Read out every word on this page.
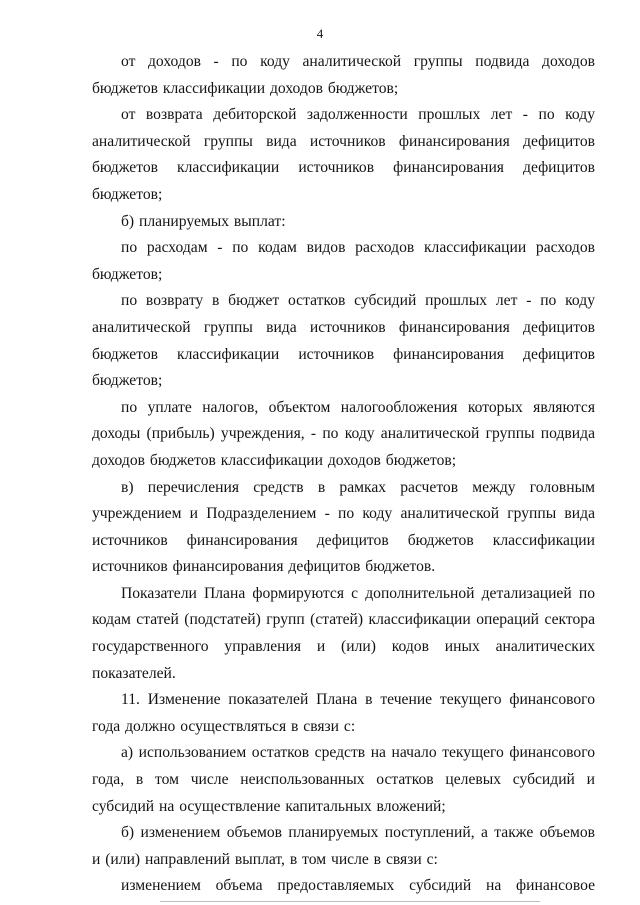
4

от доходов - по коду аналитической группы подвида доходов бюджетов классификации доходов бюджетов;

от возврата дебиторской задолженности прошлых лет - по коду аналитической группы вида источников финансирования дефицитов бюджетов классификации источников финансирования дефицитов бюджетов;

б) планируемых выплат:

по расходам - по кодам видов расходов классификации расходов бюджетов;

по возврату в бюджет остатков субсидий прошлых лет - по коду аналитической группы вида источников финансирования дефицитов бюджетов классификации источников финансирования дефицитов бюджетов;

по уплате налогов, объектом налогообложения которых являются доходы (прибыль) учреждения, - по коду аналитической группы подвида доходов бюджетов классификации доходов бюджетов;

в) перечисления средств в рамках расчетов между головным учреждением и Подразделением - по коду аналитической группы вида источников финансирования дефицитов бюджетов классификации источников финансирования дефицитов бюджетов.

Показатели Плана формируются с дополнительной детализацией по кодам статей (подстатей) групп (статей) классификации операций сектора государственного управления и (или) кодов иных аналитических показателей.

11. Изменение показателей Плана в течение текущего финансового года должно осуществляться в связи с:

а) использованием остатков средств на начало текущего финансового года, в том числе неиспользованных остатков целевых субсидий и субсидий на осуществление капитальных вложений;

б) изменением объемов планируемых поступлений, а также объемов и (или) направлений выплат, в том числе в связи с:

изменением объема предоставляемых субсидий на финансовое
